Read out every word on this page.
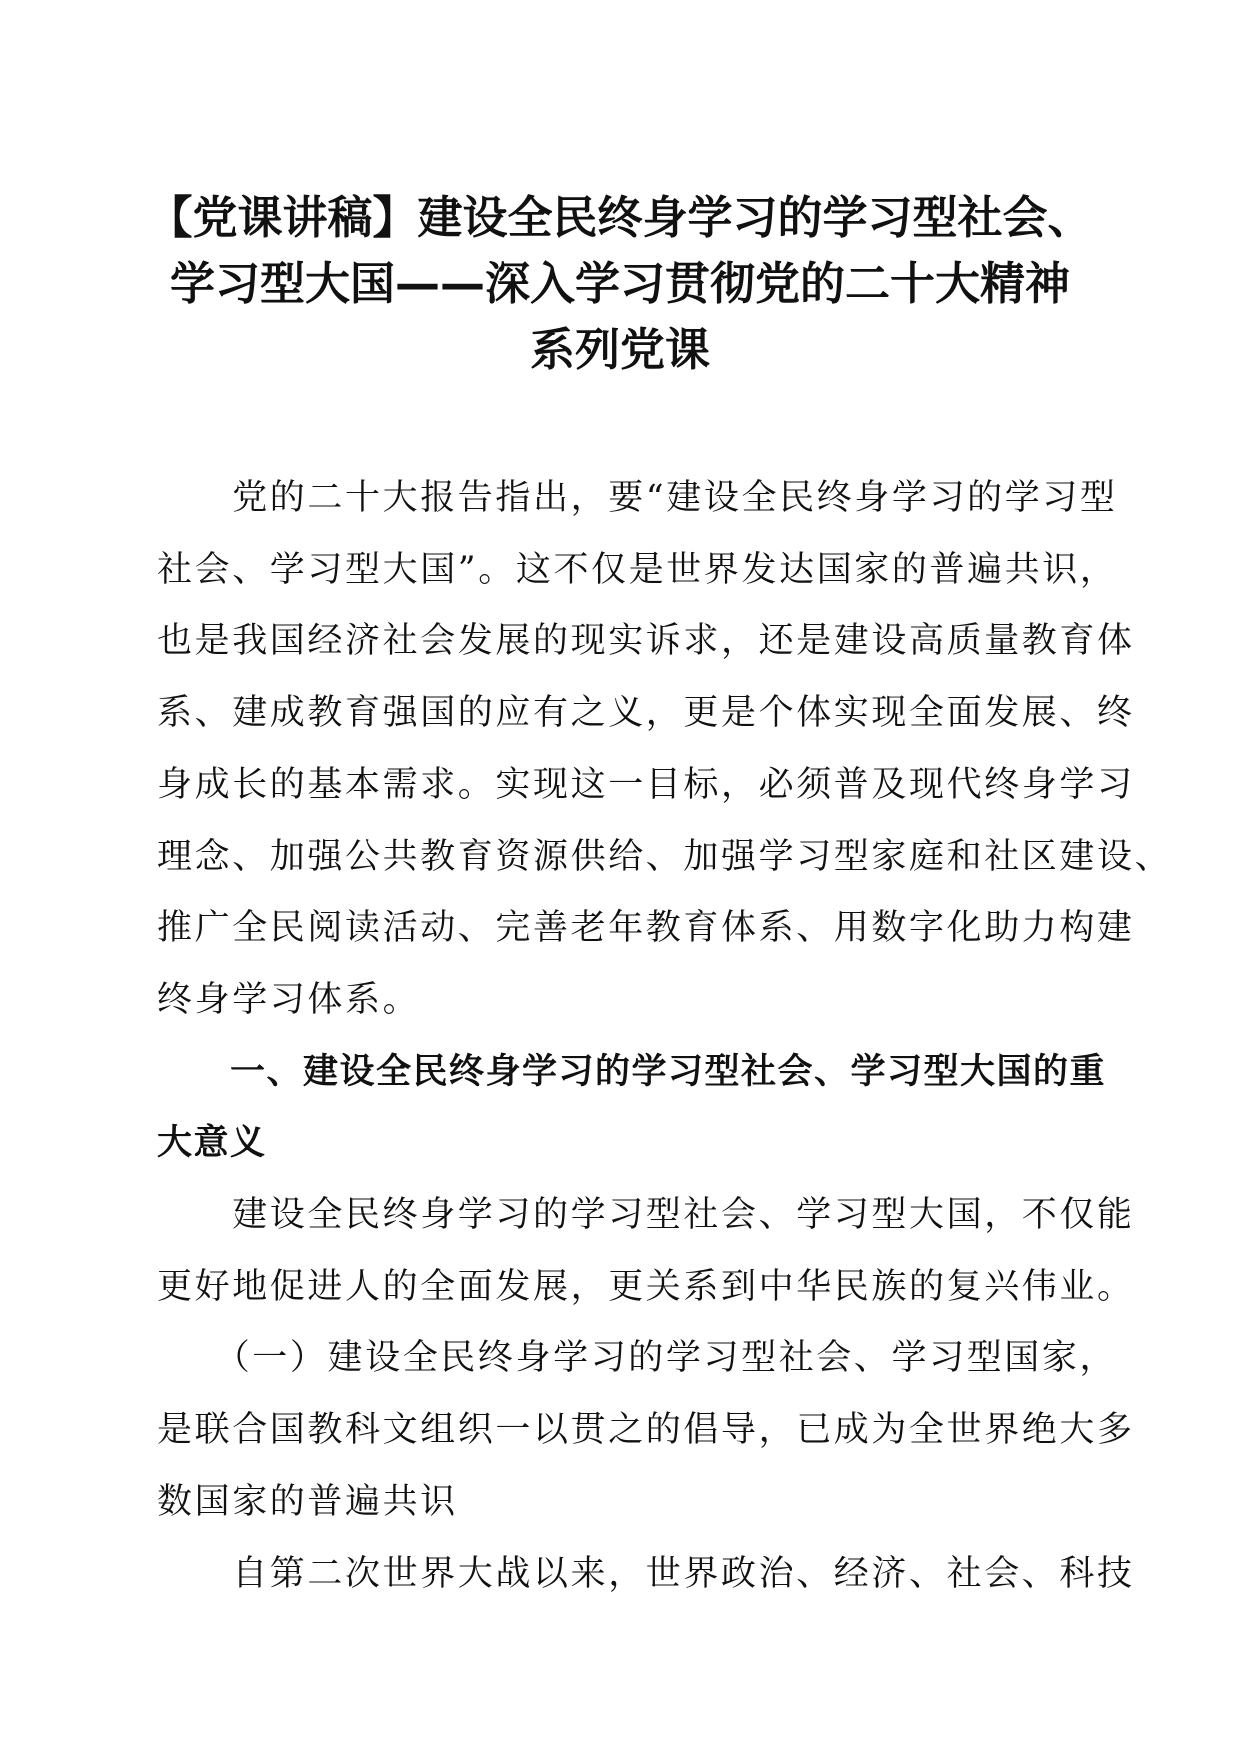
【党课讲稿】建设全民终身学习的学习型社会、
学习型大国——深入学习贯彻党的二十大精神
系列党课
　　党的二十大报告指出，要“建设全民终身学习的学习型
社会、学习型大国”。这不仅是世界发达国家的普遍共识，
也是我国经济社会发展的现实诉求，还是建设高质量教育体
系、建成教育强国的应有之义，更是个体实现全面发展、终
身成长的基本需求。实现这一目标，必须普及现代终身学习
理念、加强公共教育资源供给、加强学习型家庭和社区建设、
推广全民阅读活动、完善老年教育体系、用数字化助力构建
终身学习体系。
　　一、建设全民终身学习的学习型社会、学习型大国的重
大意义
　　建设全民终身学习的学习型社会、学习型大国，不仅能
更好地促进人的全面发展，更关系到中华民族的复兴伟业。
　　（一）建设全民终身学习的学习型社会、学习型国家，
是联合国教科文组织一以贯之的倡导，已成为全世界绝大多
数国家的普遍共识
　　自第二次世界大战以来，世界政治、经济、社会、科技
